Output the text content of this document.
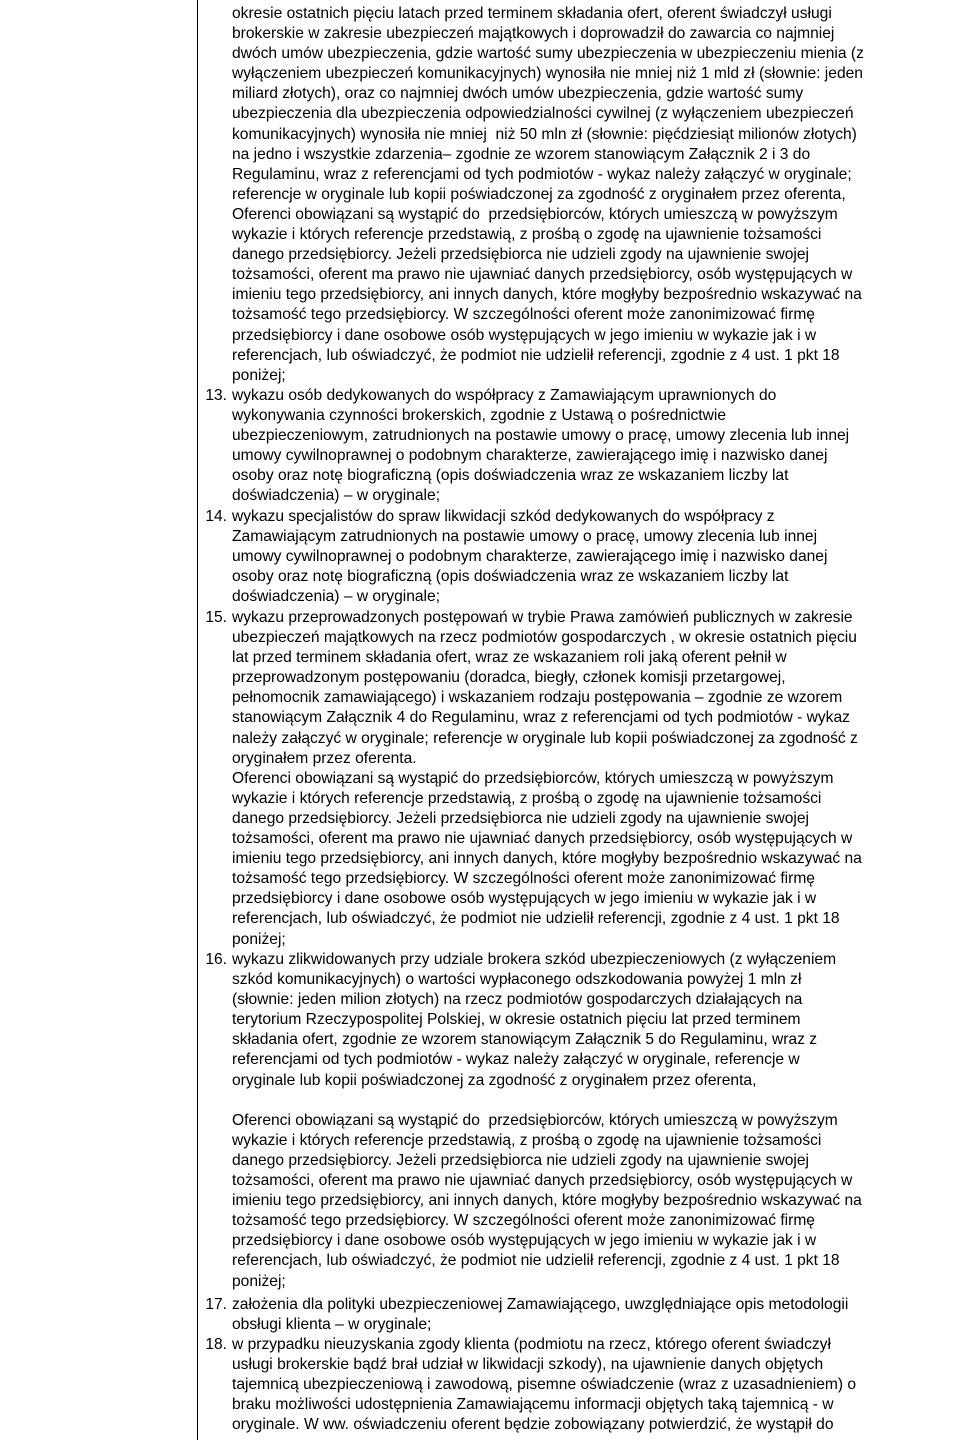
okresie ostatnich pięciu latach przed terminem składania ofert, oferent świadczył usługi
brokerskie w zakresie ubezpieczeń majątkowych i doprowadził do zawarcia co najmniej
dwóch umów ubezpieczenia, gdzie wartość sumy ubezpieczenia w ubezpieczeniu mienia (z
wyłączeniem ubezpieczeń komunikacyjnych) wynosiła nie mniej niż 1 mld zł (słownie: jeden
miliard złotych), oraz co najmniej dwóch umów ubezpieczenia, gdzie wartość sumy
ubezpieczenia dla ubezpieczenia odpowiedzialności cywilnej (z wyłączeniem ubezpieczeń
komunikacyjnych) wynosiła nie mniej  niż 50 mln zł (słownie: pięćdziesiąt milionów złotych)
na jedno i wszystkie zdarzenia– zgodnie ze wzorem stanowiącym Załącznik 2 i 3 do
Regulaminu, wraz z referencjami od tych podmiotów - wykaz należy załączyć w oryginale;
referencje w oryginale lub kopii poświadczonej za zgodność z oryginałem przez oferenta,
Oferenci obowiązani są wystąpić do  przedsiębiorców, których umieszczą w powyższym
wykazie i których referencje przedstawią, z prośbą o zgodę na ujawnienie tożsamości
danego przedsiębiorcy. Jeżeli przedsiębiorca nie udzieli zgody na ujawnienie swojej
tożsamości, oferent ma prawo nie ujawniać danych przedsiębiorcy, osób występujących w
imieniu tego przedsiębiorcy, ani innych danych, które mogłyby bezpośrednio wskazywać na
tożsamość tego przedsiębiorcy. W szczególności oferent może zanonimizować firmę
przedsiębiorcy i dane osobowe osób występujących w jego imieniu w wykazie jak i w
referencjach, lub oświadczyć, że podmiot nie udzielił referencji, zgodnie z 4 ust. 1 pkt 18
poniżej;
13. wykazu osób dedykowanych do współpracy z Zamawiającym uprawnionych do
wykonywania czynności brokerskich, zgodnie z Ustawą o pośrednictwie
ubezpieczeniowym, zatrudnionych na postawie umowy o pracę, umowy zlecenia lub innej
umowy cywilnoprawnej o podobnym charakterze, zawierającego imię i nazwisko danej
osoby oraz notę biograficzną (opis doświadczenia wraz ze wskazaniem liczby lat
doświadczenia) – w oryginale;
14. wykazu specjalistów do spraw likwidacji szkód dedykowanych do współpracy z
Zamawiającym zatrudnionych na postawie umowy o pracę, umowy zlecenia lub innej
umowy cywilnoprawnej o podobnym charakterze, zawierającego imię i nazwisko danej
osoby oraz notę biograficzną (opis doświadczenia wraz ze wskazaniem liczby lat
doświadczenia) – w oryginale;
15. wykazu przeprowadzonych postępowań w trybie Prawa zamówień publicznych w zakresie
ubezpieczeń majątkowych na rzecz podmiotów gospodarczych , w okresie ostatnich pięciu
lat przed terminem składania ofert, wraz ze wskazaniem roli jaką oferent pełnił w
przeprowadzonym postępowaniu (doradca, biegły, członek komisji przetargowej,
pełnomocnik zamawiającego) i wskazaniem rodzaju postępowania – zgodnie ze wzorem
stanowiącym Załącznik 4 do Regulaminu, wraz z referencjami od tych podmiotów - wykaz
należy załączyć w oryginale; referencje w oryginale lub kopii poświadczonej za zgodność z
oryginałem przez oferenta.
Oferenci obowiązani są wystąpić do przedsiębiorców, których umieszczą w powyższym
wykazie i których referencje przedstawią, z prośbą o zgodę na ujawnienie tożsamości
danego przedsiębiorcy. Jeżeli przedsiębiorca nie udzieli zgody na ujawnienie swojej
tożsamości, oferent ma prawo nie ujawniać danych przedsiębiorcy, osób występujących w
imieniu tego przedsiębiorcy, ani innych danych, które mogłyby bezpośrednio wskazywać na
tożsamość tego przedsiębiorcy. W szczególności oferent może zanonimizować firmę
przedsiębiorcy i dane osobowe osób występujących w jego imieniu w wykazie jak i w
referencjach, lub oświadczyć, że podmiot nie udzielił referencji, zgodnie z 4 ust. 1 pkt 18
poniżej;
16. wykazu zlikwidowanych przy udziale brokera szkód ubezpieczeniowych (z wyłączeniem
szkód komunikacyjnych) o wartości wypłaconego odszkodowania powyżej 1 mln zł
(słownie: jeden milion złotych) na rzecz podmiotów gospodarczych działających na
terytorium Rzeczypospolitej Polskiej, w okresie ostatnich pięciu lat przed terminem
składania ofert, zgodnie ze wzorem stanowiącym Załącznik 5 do Regulaminu, wraz z
referencjami od tych podmiotów - wykaz należy załączyć w oryginale, referencje w
oryginale lub kopii poświadczonej za zgodność z oryginałem przez oferenta,
Oferenci obowiązani są wystąpić do  przedsiębiorców, których umieszczą w powyższym
wykazie i których referencje przedstawią, z prośbą o zgodę na ujawnienie tożsamości
danego przedsiębiorcy. Jeżeli przedsiębiorca nie udzieli zgody na ujawnienie swojej
tożsamości, oferent ma prawo nie ujawniać danych przedsiębiorcy, osób występujących w
imieniu tego przedsiębiorcy, ani innych danych, które mogłyby bezpośrednio wskazywać na
tożsamość tego przedsiębiorcy. W szczególności oferent może zanonimizować firmę
przedsiębiorcy i dane osobowe osób występujących w jego imieniu w wykazie jak i w
referencjach, lub oświadczyć, że podmiot nie udzielił referencji, zgodnie z 4 ust. 1 pkt 18
poniżej;
17. założenia dla polityki ubezpieczeniowej Zamawiającego, uwzględniające opis metodologii
obsługi klienta – w oryginale;
18. w przypadku nieuzyskania zgody klienta (podmiotu na rzecz, którego oferent świadczył
usługi brokerskie bądź brał udział w likwidacji szkody), na ujawnienie danych objętych
tajemnicą ubezpieczeniową i zawodową, pisemne oświadczenie (wraz z uzasadnieniem) o
braku możliwości udostępnienia Zamawiającemu informacji objętych taką tajemnicą - w
oryginale. W ww. oświadczeniu oferent będzie zobowiązany potwierdzić, że wystąpił do
